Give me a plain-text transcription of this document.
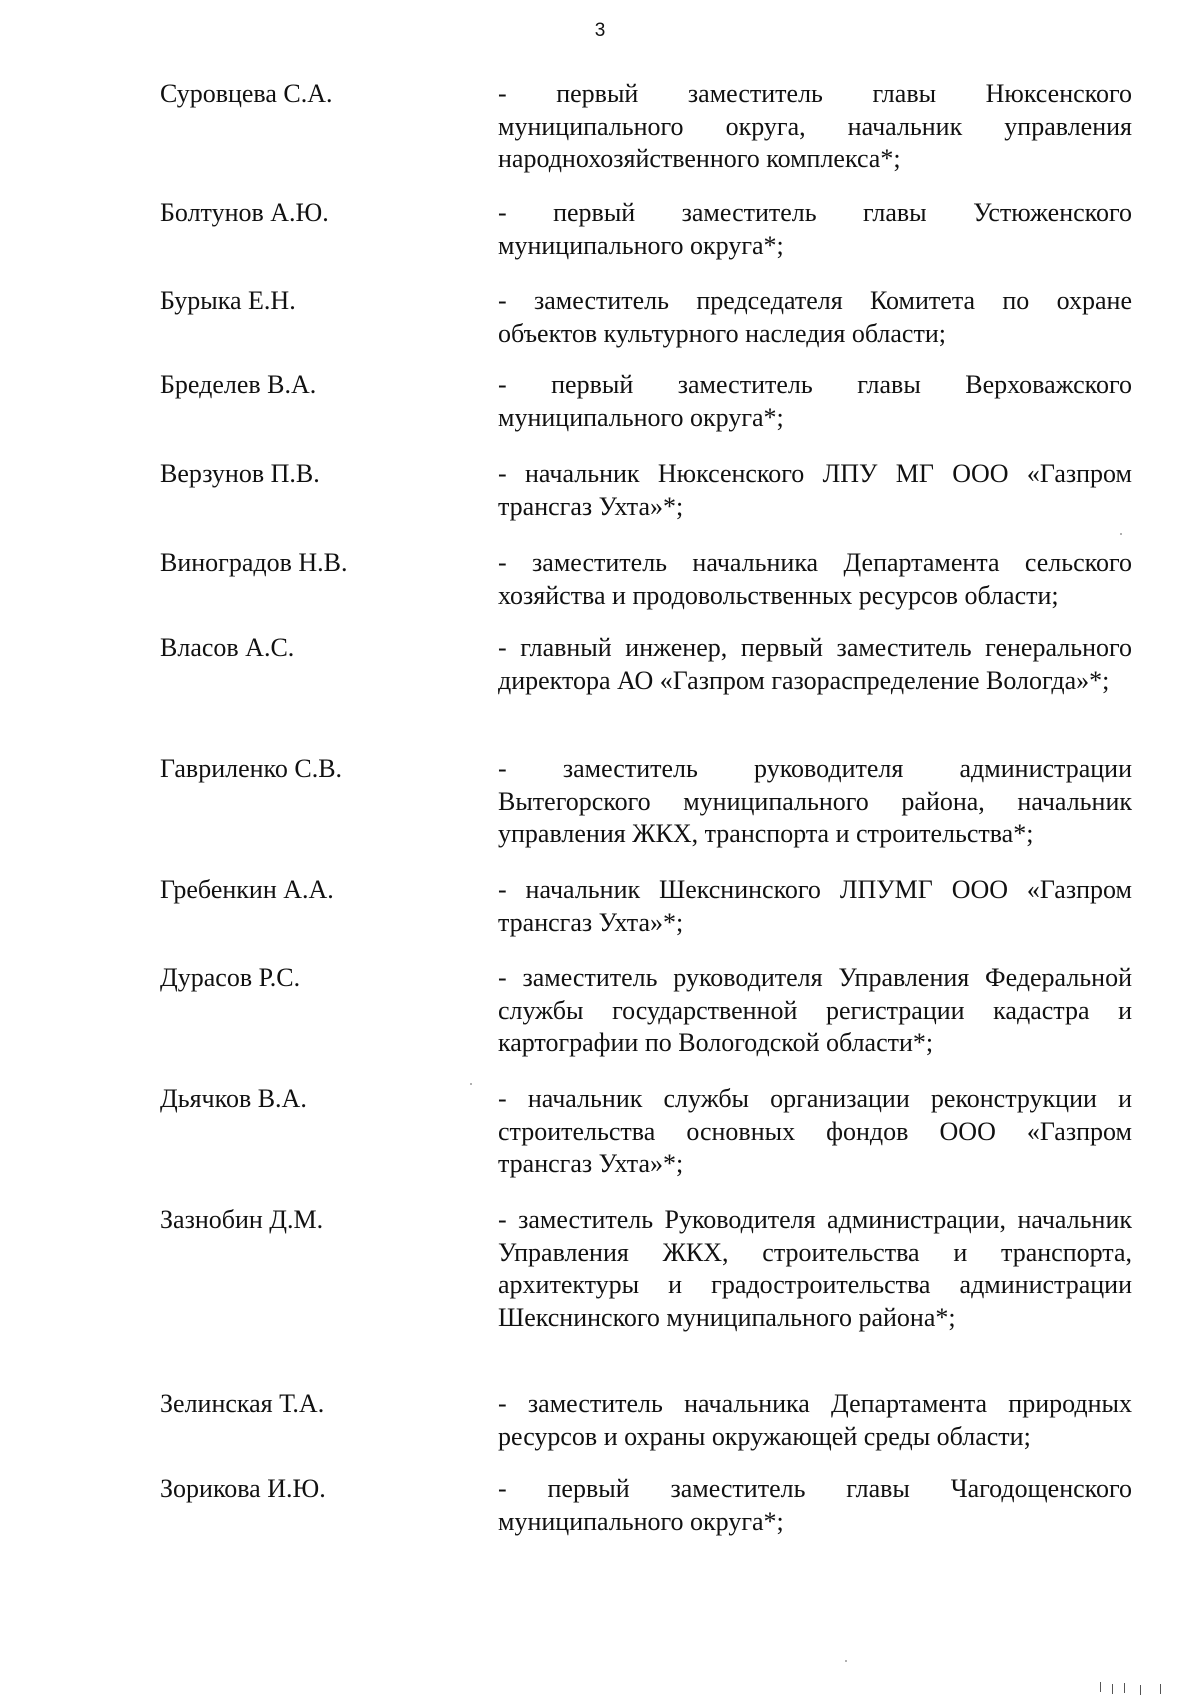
3
Суровцева С.А.	- первый заместитель главы Нюксенского муниципального округа, начальник управления народнохозяйственного комплекса*;
Болтунов А.Ю.	- первый заместитель главы Устюженского муниципального округа*;
Бурыка Е.Н.	- заместитель председателя Комитета по охране объектов культурного наследия области;
Бределев В.А.	- первый заместитель главы Верховажского муниципального округа*;
Верзунов П.В.	- начальник Нюксенского ЛПУ МГ ООО «Газпром трансгаз Ухта»*;
Виноградов Н.В.	- заместитель начальника Департамента сельского хозяйства и продовольственных ресурсов области;
Власов А.С.	- главный инженер, первый заместитель генерального директора АО «Газпром газораспределение Вологда»*;
Гавриленко С.В.	- заместитель руководителя администрации Вытегорского муниципального района, начальник управления ЖКХ, транспорта и строительства*;
Гребенкин А.А.	- начальник Шекснинского ЛПУМГ ООО «Газпром трансгаз Ухта»*;
Дурасов Р.С.	- заместитель руководителя Управления Федеральной службы государственной регистрации кадастра и картографии по Вологодской области*;
Дьячков В.А.	- начальник службы организации реконструкции и строительства основных фондов ООО «Газпром трансгаз Ухта»*;
Зазнобин Д.М.	- заместитель Руководителя администрации, начальник Управления ЖКХ, строительства и транспорта, архитектуры и градостроительства администрации Шекснинского муниципального района*;
Зелинская Т.А.	- заместитель начальника Департамента природных ресурсов и охраны окружающей среды области;
Зорикова И.Ю.	- первый заместитель главы Чагодощенского муниципального округа*;
